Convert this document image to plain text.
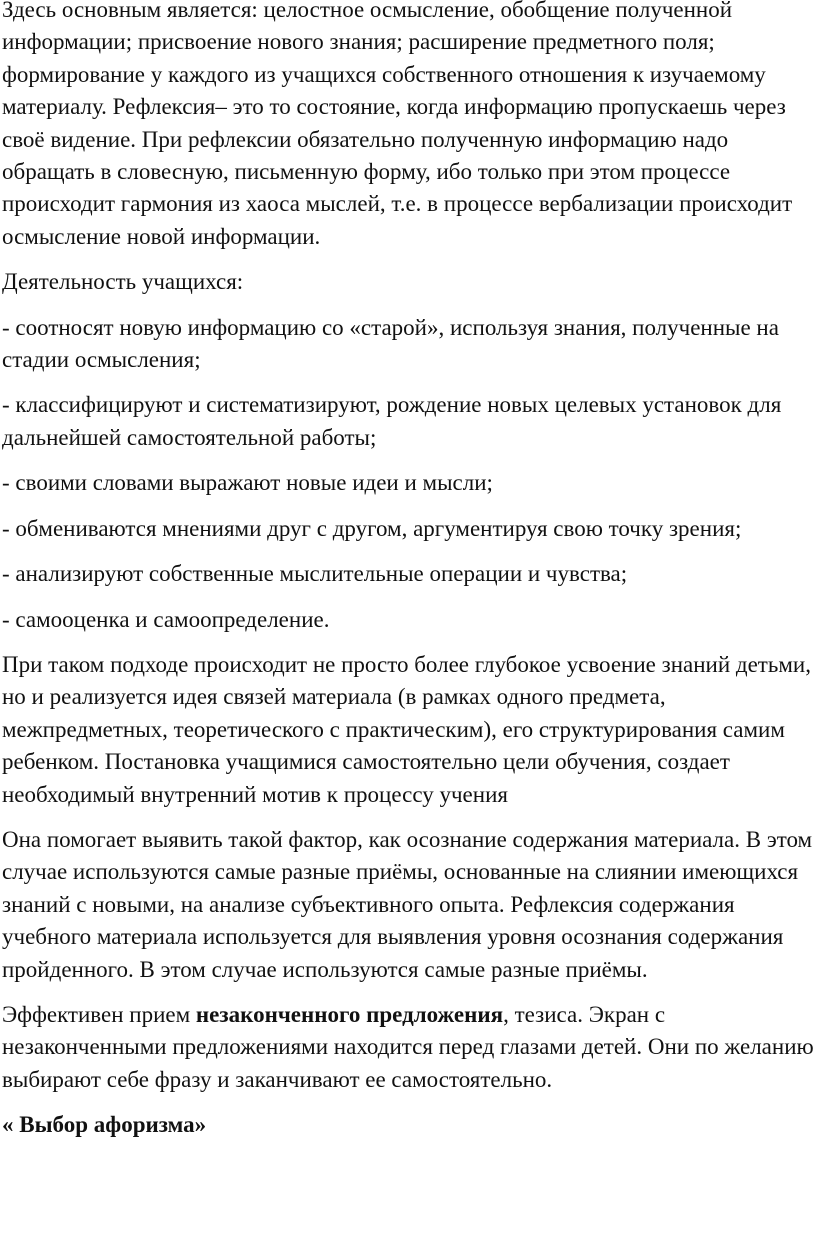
Здесь основным является: целостное осмысление, обобщение полученной информации; присвоение нового знания; расширение предметного поля; формирование у каждого из учащихся собственного отношения к изучаемому материалу. Рефлексия– это то состояние, когда информацию пропускаешь через своё видение. При рефлексии обязательно полученную информацию надо обращать в словесную, письменную форму, ибо только при этом процессе происходит гармония из хаоса мыслей, т.е. в процессе вербализации происходит осмысление новой информации.

Деятельность учащихся:

- соотносят новую информацию со «старой», используя знания, полученные на стадии осмысления;

- классифицируют и систематизируют, рождение новых целевых установок для дальнейшей самостоятельной работы;

- своими словами выражают новые идеи и мысли;

- обмениваются мнениями друг с другом, аргументируя свою точку зрения;

- анализируют собственные мыслительные операции и чувства;

- самооценка и самоопределение.

При таком подходе происходит не просто более глубокое усвоение знаний детьми, но и реализуется идея связей материала (в рамках одного предмета, межпредметных, теоретического с практическим), его структурирования самим ребенком. Постановка учащимися самостоятельно цели обучения, создает необходимый внутренний мотив к процессу учения

Она помогает выявить такой фактор, как осознание содержания материала. В этом случае используются самые разные приёмы, основанные на слиянии имеющихся знаний с новыми, на анализе субъективного опыта. Рефлексия содержания учебного материала используется для выявления уровня осознания содержания пройденного. В этом случае используются самые разные приёмы.

Эффективен прием незаконченного предложения, тезиса. Экран с незаконченными предложениями находится перед глазами детей. Они по желанию выбирают себе фразу и заканчивают ее самостоятельно.

« Выбор афоризма»
